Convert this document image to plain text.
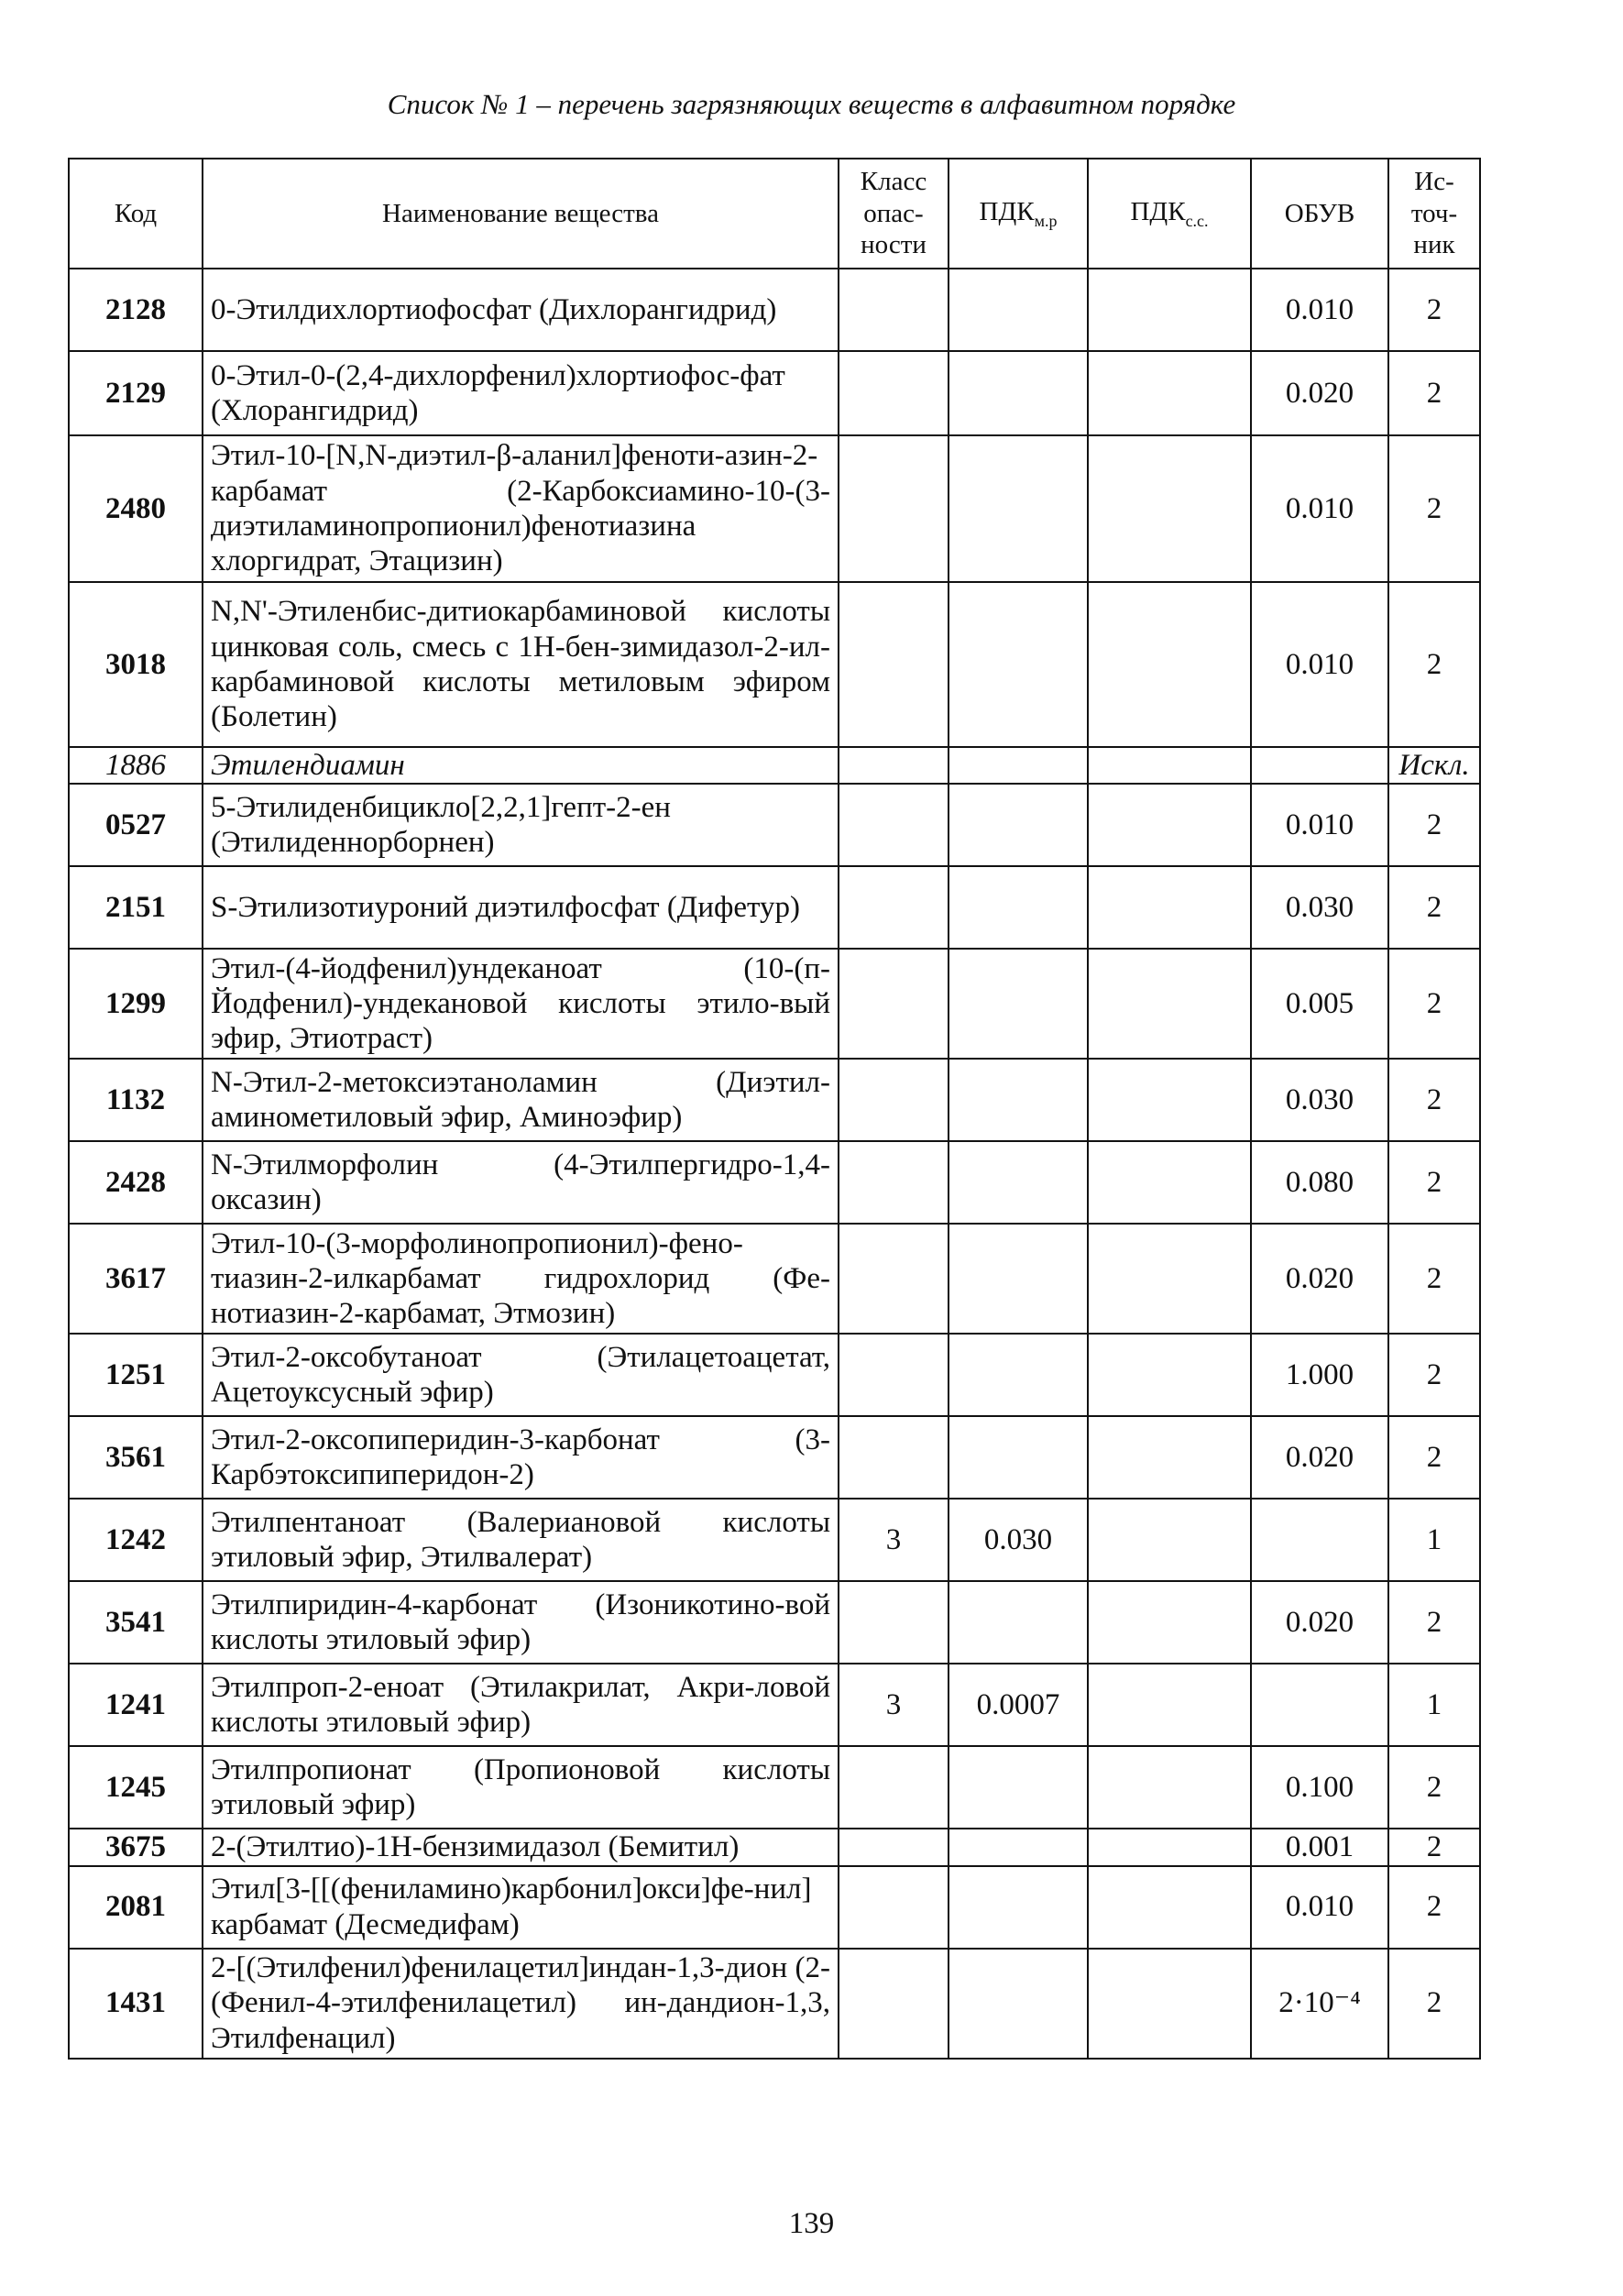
Список № 1 – перечень загрязняющих веществ в алфавитном порядке
Код	Наименование вещества	Класс опас-ности	$ПДК_{м.р}$	$ПДК_{с.с.}$	ОБУВ	Ис-точ-ник
2128	0-Этилдихлортиофосфат (Дихлорангидрид)				0.010	2
2129	0-Этил-0-(2,4-дихлорфенил)хлортиофос-фат (Хлорангидрид)				0.020	2
2480	Этил-10-[N,N-диэтил-β-аланил]феноти-азин-2-карбамат (2-Карбоксиамино-10-(3-диэтиламинопропионил)фенотиазина хлоргидрат, Этацизин)				0.010	2
3018	N,N'-Этиленбис-дитиокарбаминовой кислоты цинковая соль, смесь с 1Н-бен-зимидазол-2-ил-карбаминовой кислоты метиловым эфиром (Болетин)				0.010	2
1886	Этилендиамин					Искл.
0527	5-Этилиденбицикло[2,2,1]гепт-2-ен (Этилиденнорборнен)				0.010	2
2151	S-Этилизотиуроний диэтилфосфат (Дифетур)				0.030	2
1299	Этил-(4-йодфенил)ундеканоат (10-(п-Йодфенил)-ундекановой кислоты этило-вый эфир, Этиотраст)				0.005	2
1132	N-Этил-2-метоксиэтаноламин (Диэтил-аминометиловый эфир, Аминоэфир)				0.030	2
2428	N-Этилморфолин (4-Этилпергидро-1,4-оксазин)				0.080	2
3617	Этил-10-(3-морфолинопропионил)-фено-тиазин-2-илкарбамат гидрохлорид (Фе-нотиазин-2-карбамат, Этмозин)				0.020	2
1251	Этил-2-оксобутаноат (Этилацетоацетат, Ацетоуксусный эфир)				1.000	2
3561	Этил-2-оксопиперидин-3-карбонат (3-Карбэтоксипиперидон-2)				0.020	2
1242	Этилпентаноат (Валериановой кислоты этиловый эфир, Этилвалерат)	3	0.030			1
3541	Этилпиридин-4-карбонат (Изоникотино-вой кислоты этиловый эфир)				0.020	2
1241	Этилпроп-2-еноат (Этилакрилат, Акри-ловой кислоты этиловый эфир)	3	0.0007			1
1245	Этилпропионат (Пропионовой кислоты этиловый эфир)				0.100	2
3675	2-(Этилтио)-1Н-бензимидазол (Бемитил)				0.001	2
2081	Этил[3-[[(фениламино)карбонил]окси]фе-нил] карбамат (Десмедифам)				0.010	2
1431	2-[(Этилфенил)фенилацетил]индан-1,3-дион (2-(Фенил-4-этилфенилацетил) ин-дандион-1,3, Этилфенацил)				2·10⁻⁴	2
139
